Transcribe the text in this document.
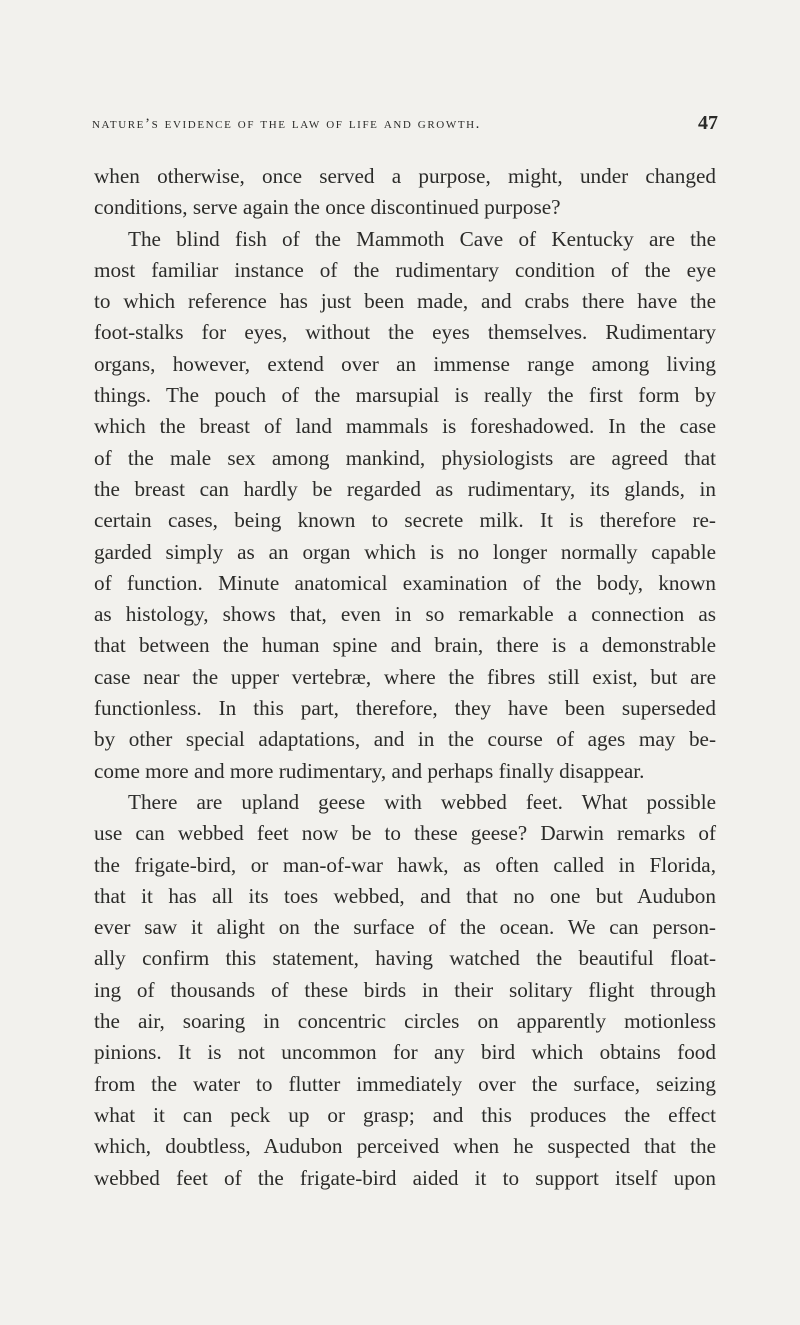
nature’s evidence of the law of life and growth.	47
when otherwise, once served a purpose, might, under changed
conditions, serve again the once discontinued purpose?
The blind fish of the Mammoth Cave of Kentucky are the
most familiar instance of the rudimentary condition of the eye
to which reference has just been made, and crabs there have the
foot-stalks for eyes, without the eyes themselves. Rudimentary
organs, however, extend over an immense range among living
things. The pouch of the marsupial is really the first form by
which the breast of land mammals is foreshadowed. In the case
of the male sex among mankind, physiologists are agreed that
the breast can hardly be regarded as rudimentary, its glands, in
certain cases, being known to secrete milk. It is therefore re-
garded simply as an organ which is no longer normally capable
of function. Minute anatomical examination of the body, known
as histology, shows that, even in so remarkable a connection as
that between the human spine and brain, there is a demonstrable
case near the upper vertebræ, where the fibres still exist, but are
functionless. In this part, therefore, they have been superseded
by other special adaptations, and in the course of ages may be-
come more and more rudimentary, and perhaps finally disappear.
There are upland geese with webbed feet. What possible
use can webbed feet now be to these geese? Darwin remarks of
the frigate-bird, or man-of-war hawk, as often called in Florida,
that it has all its toes webbed, and that no one but Audubon
ever saw it alight on the surface of the ocean. We can person-
ally confirm this statement, having watched the beautiful float-
ing of thousands of these birds in their solitary flight through
the air, soaring in concentric circles on apparently motionless
pinions. It is not uncommon for any bird which obtains food
from the water to flutter immediately over the surface, seizing
what it can peck up or grasp; and this produces the effect
which, doubtless, Audubon perceived when he suspected that the
webbed feet of the frigate-bird aided it to support itself upon
